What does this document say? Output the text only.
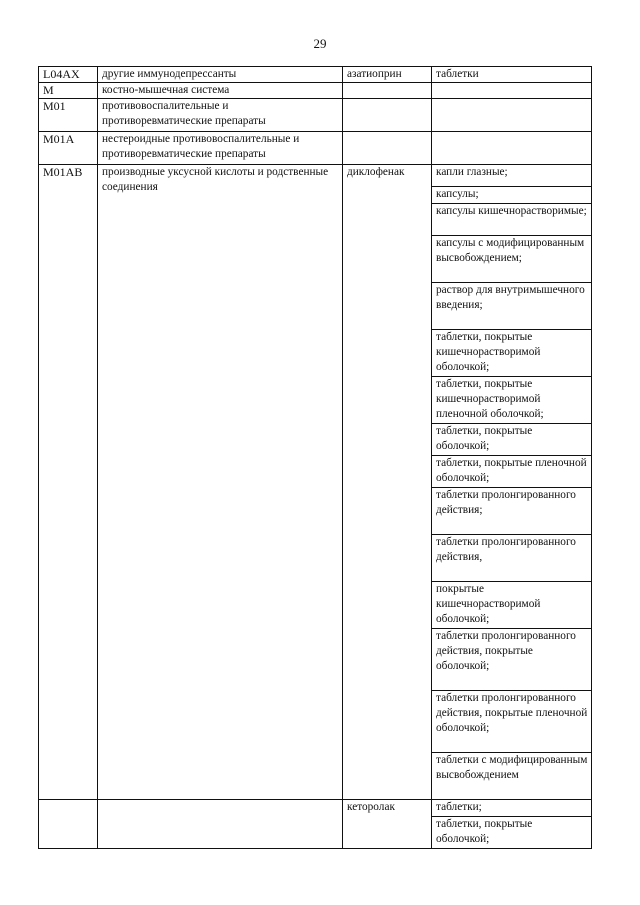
29
L04AX	другие иммунодепрессанты	азатиоприн	таблетки
M	костно-мышечная система		
M01	противовоспалительные и противоревматические препараты		
M01A	нестероидные противовоспалительные и противоревматические препараты		
M01AB	производные уксусной кислоты и родственные соединения	диклофенак	капли глазные;
			капсулы;
			капсулы кишечнорастворимые;
			капсулы с модифицированным высвобождением;
			раствор для внутримышечного введения;
			таблетки, покрытые кишечнорастворимой оболочкой;
			таблетки, покрытые кишечнорастворимой пленочной оболочкой;
			таблетки, покрытые оболочкой;
			таблетки, покрытые пленочной оболочкой;
			таблетки пролонгированного действия;
			таблетки пролонгированного действия,
			покрытые кишечнорастворимой оболочкой;
			таблетки пролонгированного действия, покрытые оболочкой;
			таблетки пролонгированного действия, покрытые пленочной оболочкой;
			таблетки с модифицированным высвобождением
		кеторолак	таблетки;
			таблетки, покрытые оболочкой;
